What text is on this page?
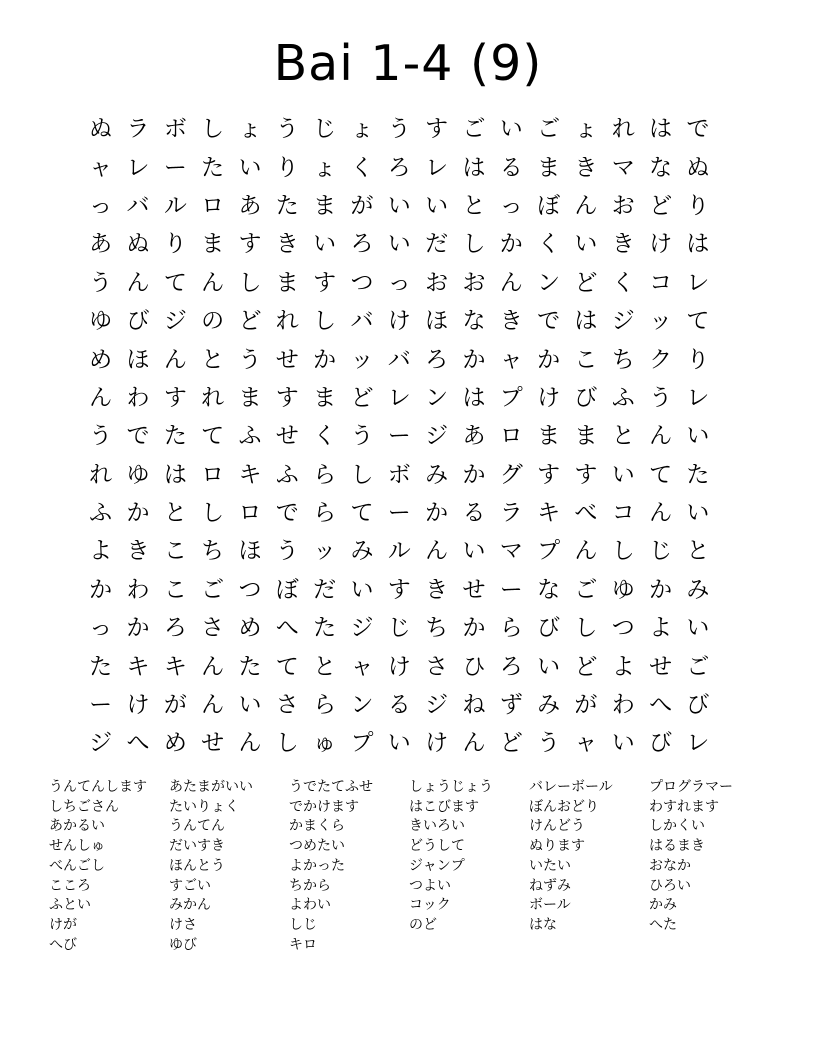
Bai 1-4 (9)
ぬ ラ ボ し ょ う じ ょ う す ご い ご ょ れ は で
ャ レ ー た い り ょ く ろ レ は る ま き マ な ぬ
っ バ ル ロ あ た ま が い い と っ ぼ ん お ど り
あ ぬ り ま す き い ろ い だ し か く い き け は
う ん て ん し ま す つ っ お お ん ン ど く コ レ
ゆ び ジ の ど れ し バ け ほ な き で は ジ ッ て
め ほ ん と う せ か ッ バ ろ か ャ か こ ち ク り
ん わ す れ ま す ま ど レ ン は プ け び ふ う レ
う で た て ふ せ く う ー ジ あ ロ ま ま と ん い
れ ゆ は ロ キ ふ ら し ボ み か グ す す い て た
ふ か と し ロ で ら て ー か る ラ キ べ コ ん い
よ き こ ち ほ う ッ み ル ん い マ プ ん し じ と
か わ こ ご つ ぼ だ い す き せ ー な ご ゆ か み
っ か ろ さ め へ た ジ じ ち か ら び し つ よ い
た キ キ ん た て と ャ け さ ひ ろ い ど よ せ ご
ー け が ん い さ ら ン る ジ ね ず み が わ へ び
ジ へ め せ ん し ゅ プ い け ん ど う ャ い び レ
うんてんします
しちごさん
あかるい
せんしゅ
べんごし
こころ
ふとい
けが
へび
あたまがいい
たいりょく
うんてん
だいすき
ほんとう
すごい
みかん
けさ
ゆび
うでたてふせ
でかけます
かまくら
つめたい
よかった
ちから
よわい
しじ
キロ
しょうじょう
はこびます
きいろい
どうして
ジャンプ
つよい
コック
のど
バレーボール
ぼんおどり
けんどう
ぬります
いたい
ねずみ
ボール
はな
プログラマー
わすれます
しかくい
はるまき
おなか
ひろい
かみ
へた
